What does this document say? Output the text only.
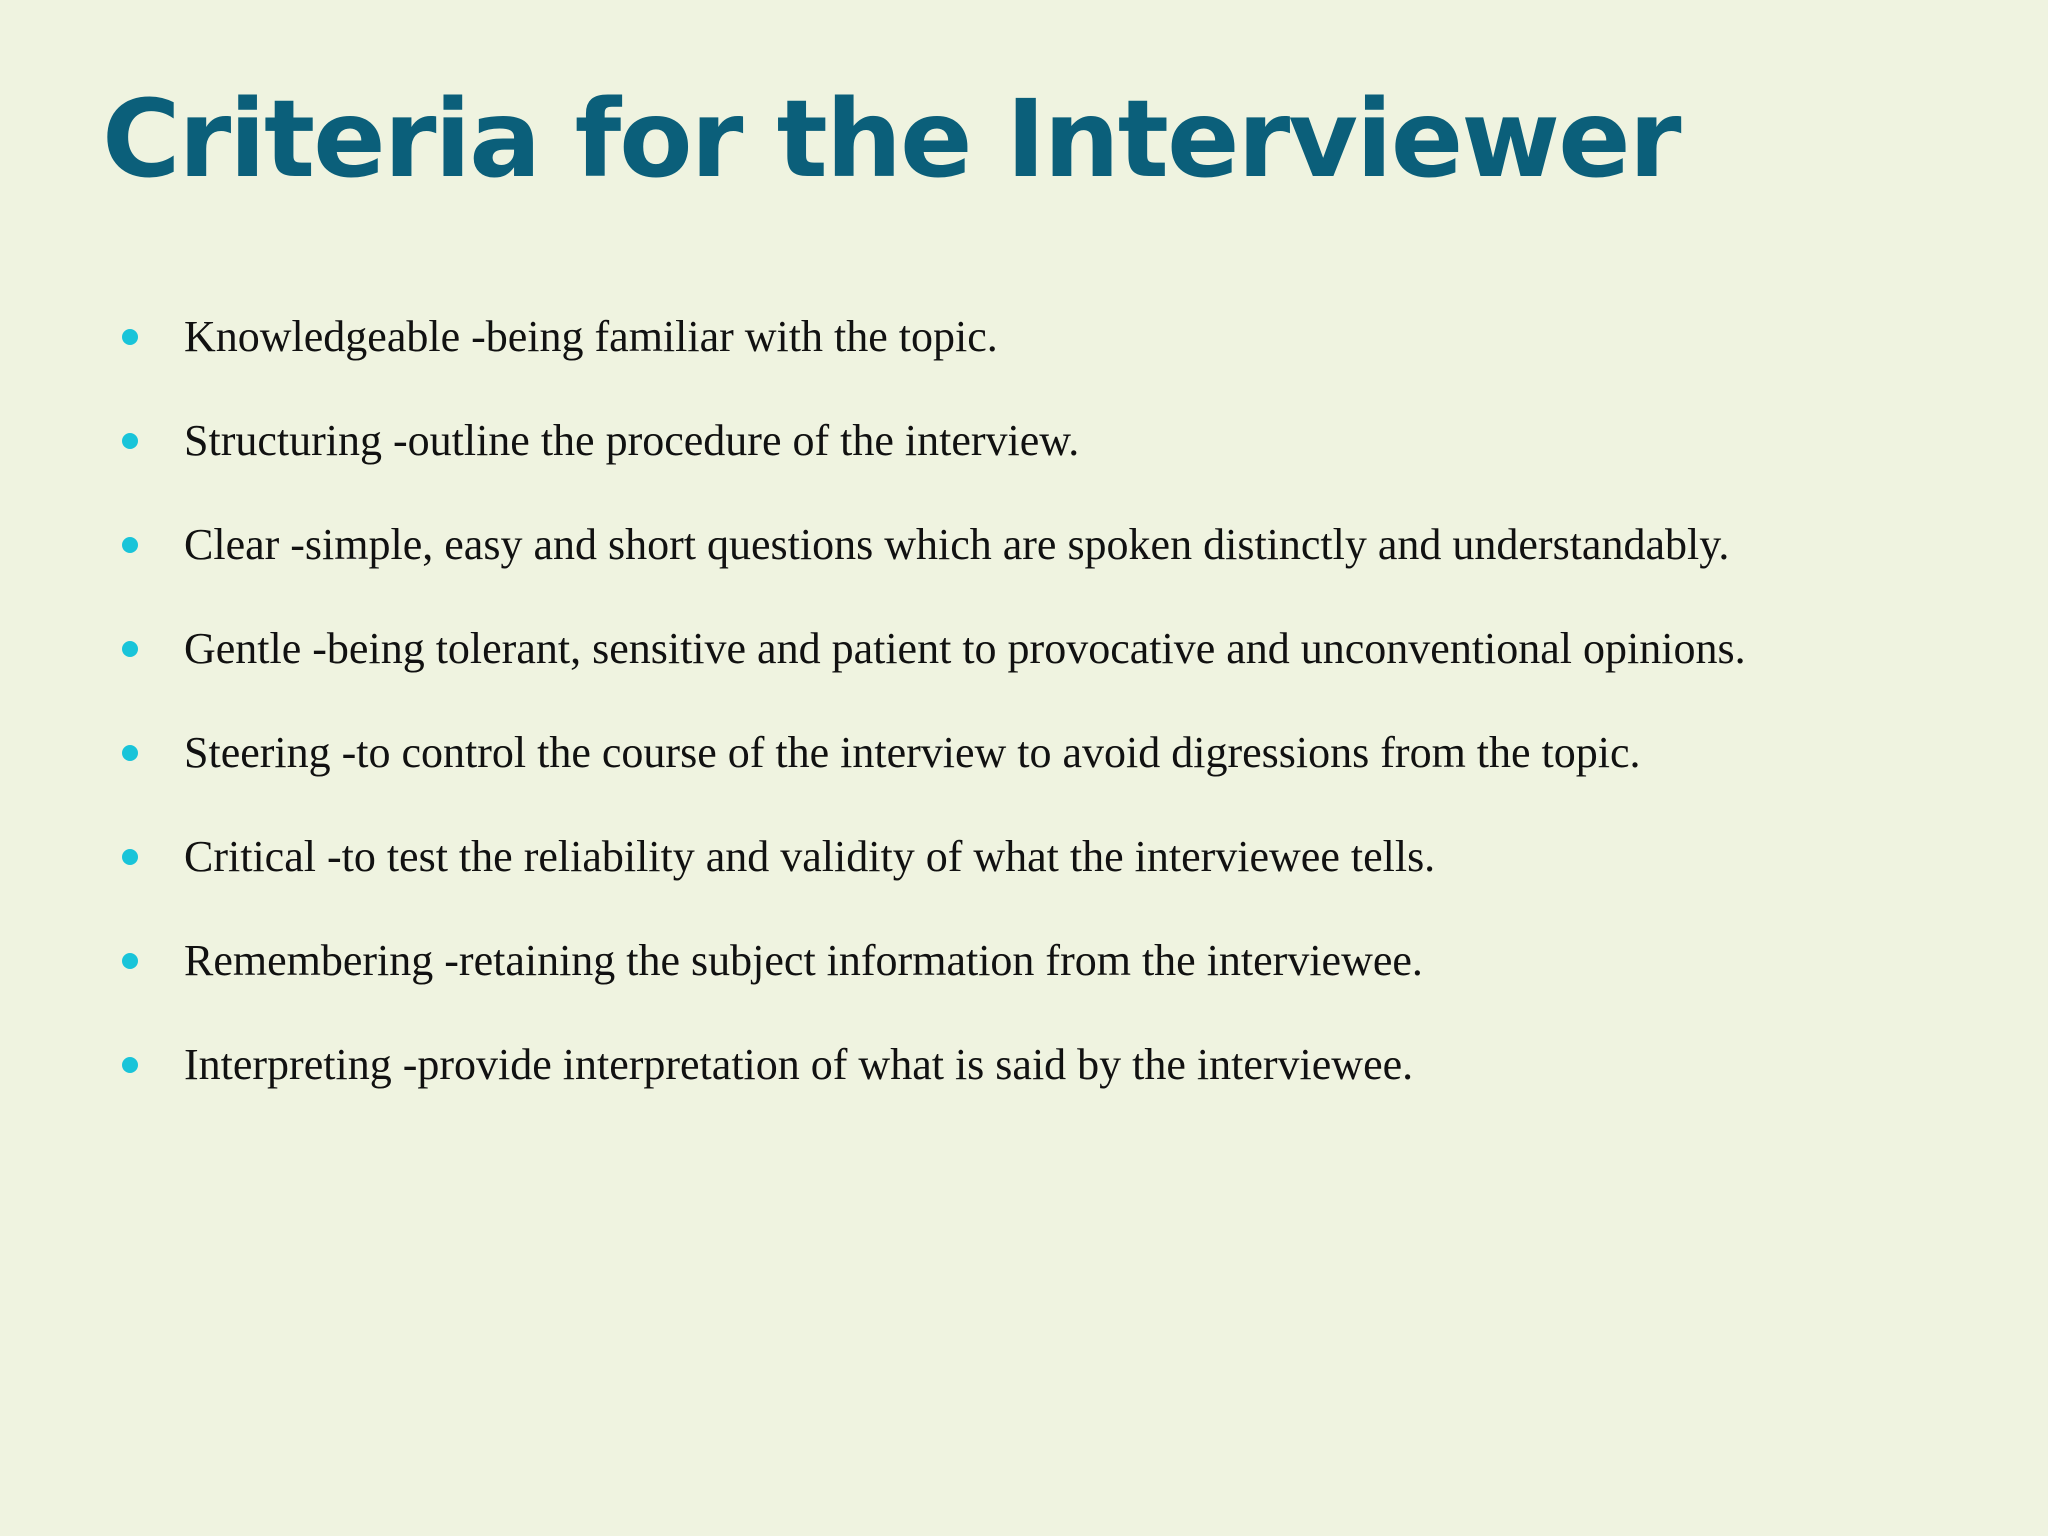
Criteria for the Interviewer
Knowledgeable -being familiar with the topic.
Structuring -outline the procedure of the interview.
Clear -simple, easy and short questions which are spoken distinctly and understandably.
Gentle -being tolerant, sensitive and patient to provocative and unconventional opinions.
Steering -to control the course of the interview to avoid digressions from the topic.
Critical -to test the reliability and validity of what the interviewee tells.
Remembering -retaining the subject information from the interviewee.
Interpreting -provide interpretation of what is said by the interviewee.
